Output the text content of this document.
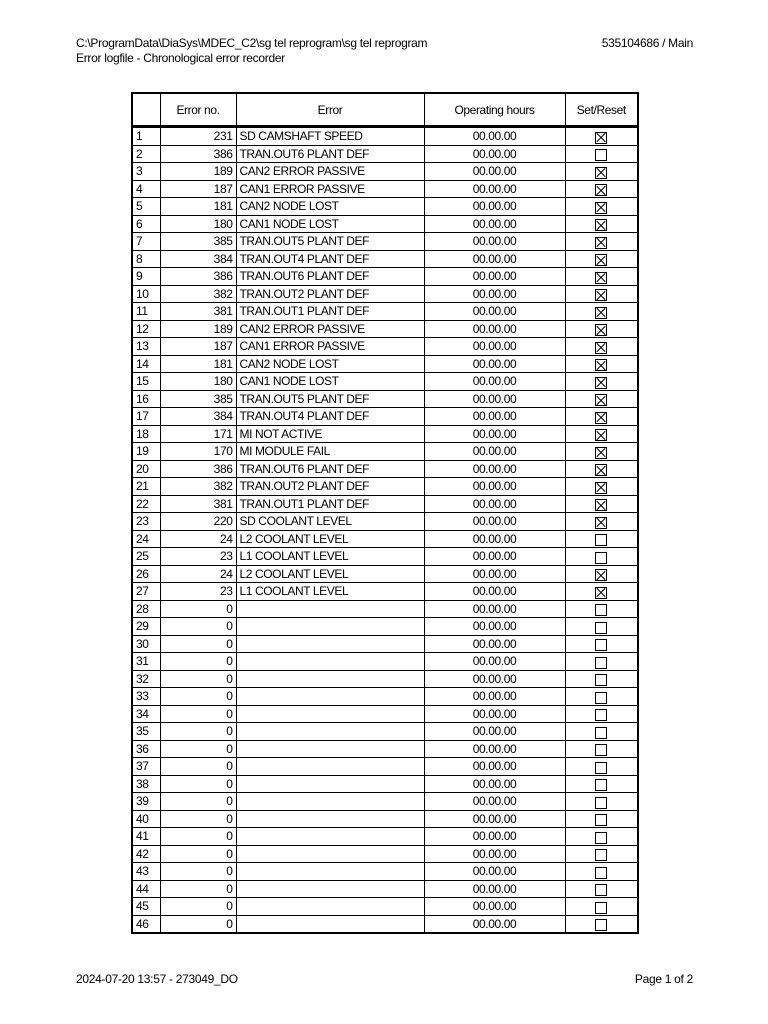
C:\ProgramData\DiaSys\MDEC_C2\sg tel reprogram\sg tel reprogram
Error logfile - Chronological error recorder
535104686 / Main
	Error no.	Error	Operating hours	Set/Reset
1	231	SD CAMSHAFT SPEED	00.00.00	
2	386	TRAN.OUT6 PLANT DEF	00.00.00	
3	189	CAN2 ERROR PASSIVE	00.00.00	
4	187	CAN1 ERROR PASSIVE	00.00.00	
5	181	CAN2 NODE LOST	00.00.00	
6	180	CAN1 NODE LOST	00.00.00	
7	385	TRAN.OUT5 PLANT DEF	00.00.00	
8	384	TRAN.OUT4 PLANT DEF	00.00.00	
9	386	TRAN.OUT6 PLANT DEF	00.00.00	
10	382	TRAN.OUT2 PLANT DEF	00.00.00	
11	381	TRAN.OUT1 PLANT DEF	00.00.00	
12	189	CAN2 ERROR PASSIVE	00.00.00	
13	187	CAN1 ERROR PASSIVE	00.00.00	
14	181	CAN2 NODE LOST	00.00.00	
15	180	CAN1 NODE LOST	00.00.00	
16	385	TRAN.OUT5 PLANT DEF	00.00.00	
17	384	TRAN.OUT4 PLANT DEF	00.00.00	
18	171	MI NOT ACTIVE	00.00.00	
19	170	MI MODULE FAIL	00.00.00	
20	386	TRAN.OUT6 PLANT DEF	00.00.00	
21	382	TRAN.OUT2 PLANT DEF	00.00.00	
22	381	TRAN.OUT1 PLANT DEF	00.00.00	
23	220	SD COOLANT LEVEL	00.00.00	
24	24	L2 COOLANT LEVEL	00.00.00	
25	23	L1 COOLANT LEVEL	00.00.00	
26	24	L2 COOLANT LEVEL	00.00.00	
27	23	L1 COOLANT LEVEL	00.00.00	
28	0		00.00.00	
29	0		00.00.00	
30	0		00.00.00	
31	0		00.00.00	
32	0		00.00.00	
33	0		00.00.00	
34	0		00.00.00	
35	0		00.00.00	
36	0		00.00.00	
37	0		00.00.00	
38	0		00.00.00	
39	0		00.00.00	
40	0		00.00.00	
41	0		00.00.00	
42	0		00.00.00	
43	0		00.00.00	
44	0		00.00.00	
45	0		00.00.00	
46	0		00.00.00	
2024-07-20 13:57 - 273049_DO	Page 1 of 2
